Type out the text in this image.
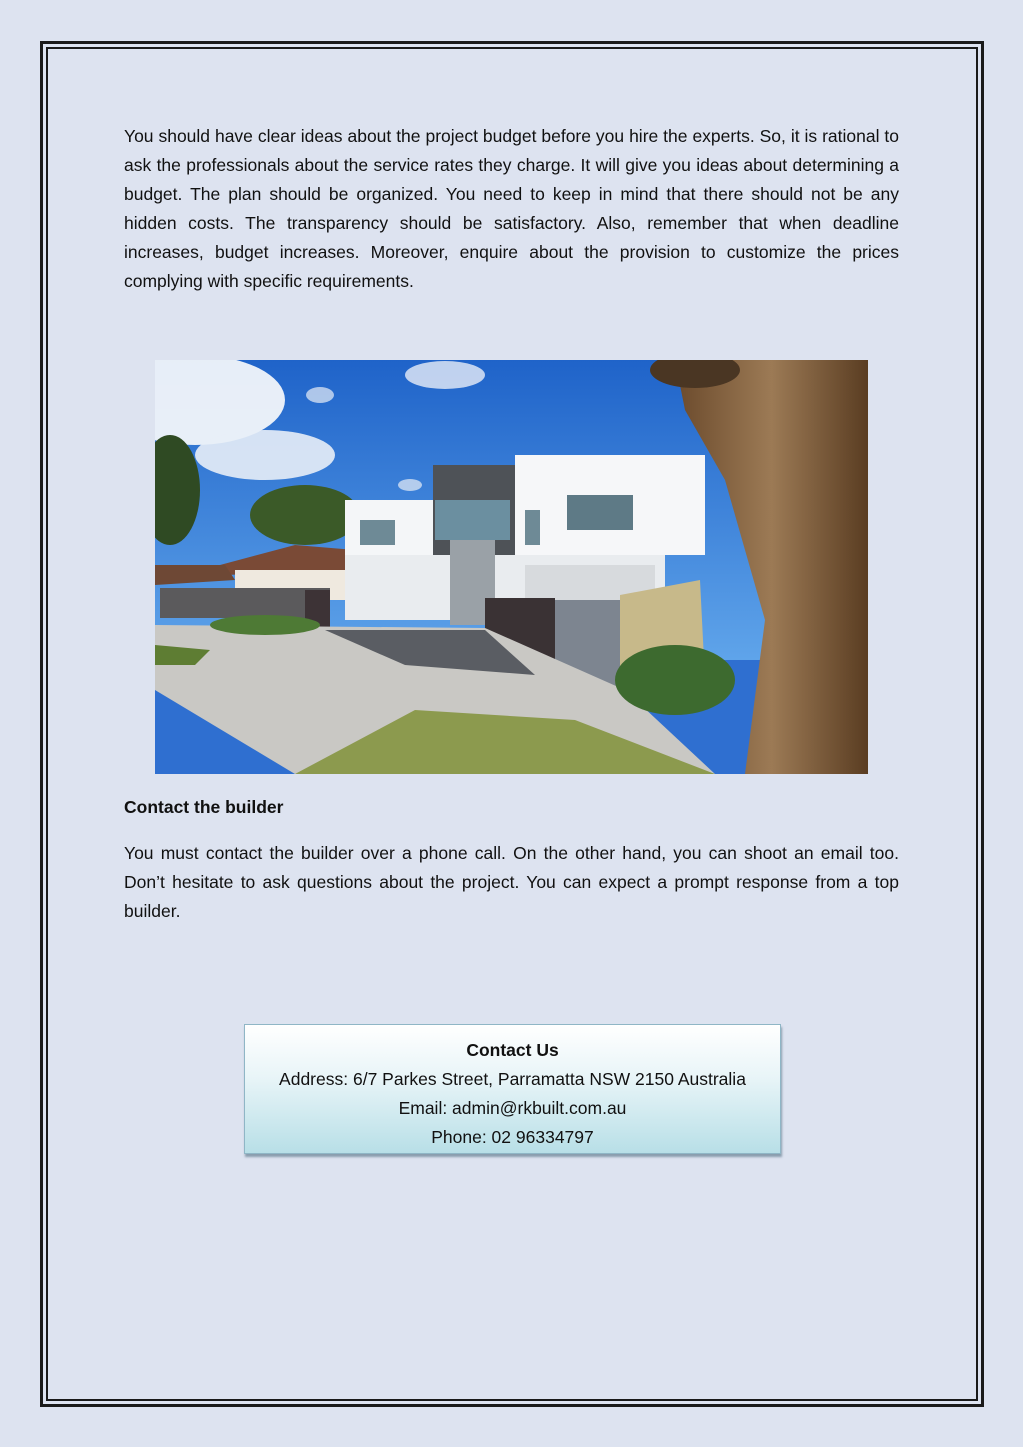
You should have clear ideas about the project budget before you hire the experts. So, it is rational to ask the professionals about the service rates they charge. It will give you ideas about determining a budget. The plan should be organized. You need to keep in mind that there should not be any hidden costs. The transparency should be satisfactory. Also, remember that when deadline increases, budget increases. Moreover, enquire about the provision to customize the prices complying with specific requirements.

Contact the builder

You must contact the builder over a phone call. On the other hand, you can shoot an email too. Don’t hesitate to ask questions about the project. You can expect a prompt response from a top builder.

Contact Us
Address: 6/7 Parkes Street, Parramatta NSW 2150 Australia
Email: admin@rkbuilt.com.au
Phone: 02 96334797
